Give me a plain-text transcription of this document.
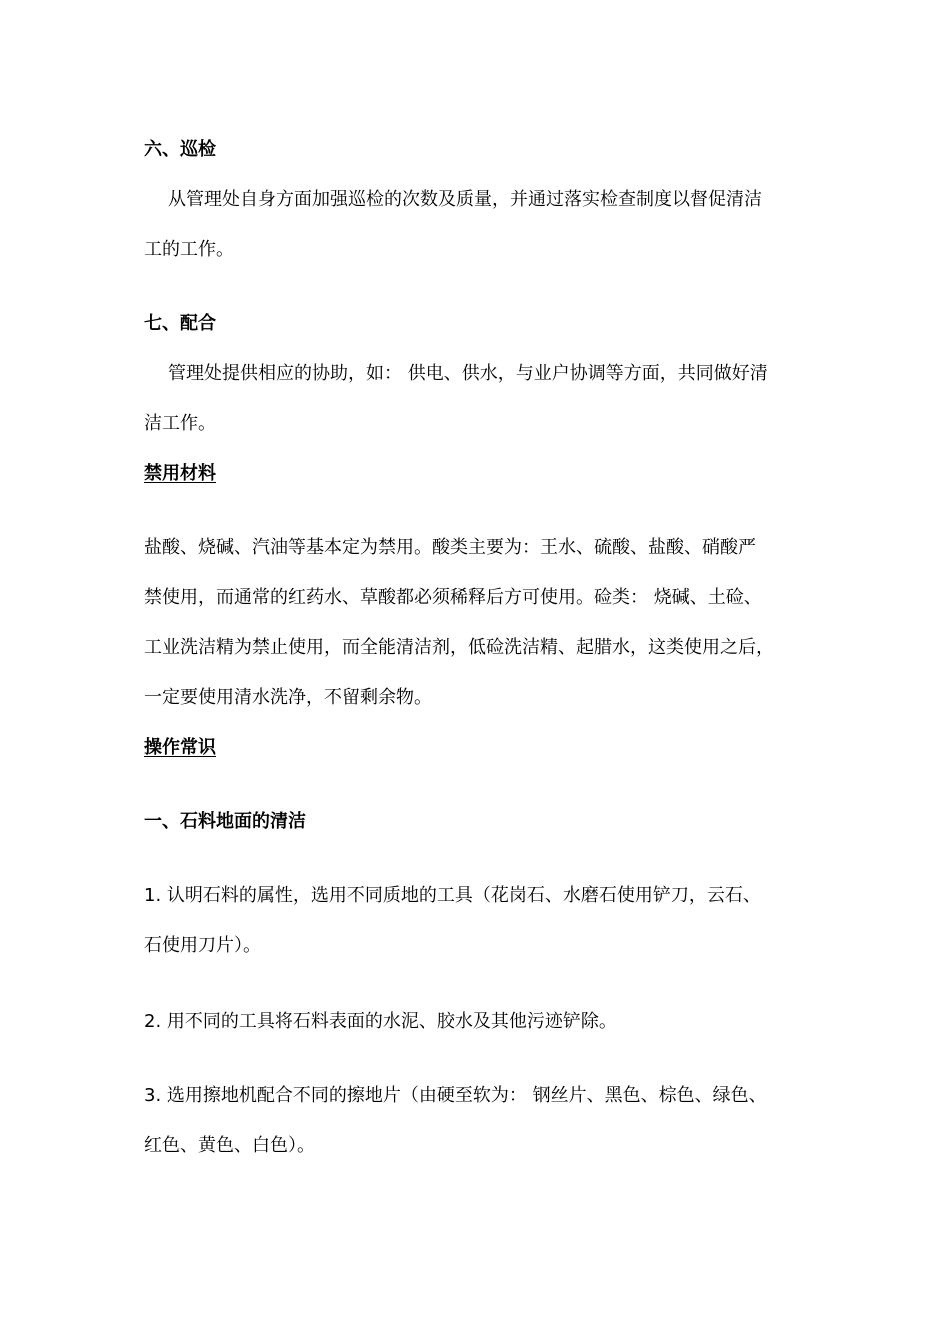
六、巡检
从管理处自身方面加强巡检的次数及质量，并通过落实检查制度以督促清洁
工的工作。
七、配合
管理处提供相应的协助，如： 供电、供水，与业户协调等方面，共同做好清
洁工作。
禁用材料
盐酸、烧碱、汽油等基本定为禁用。酸类主要为：王水、硫酸、盐酸、硝酸严
禁使用，而通常的红药水、草酸都必须稀释后方可使用。硷类： 烧碱、土硷、
工业洗洁精为禁止使用，而全能清洁剂，低硷洗洁精、起腊水，这类使用之后，
一定要使用清水洗净，不留剩余物。
操作常识
一、石料地面的清洁
1. 认明石料的属性，选用不同质地的工具（花岗石、水磨石使用铲刀，云石、
石使用刀片）。
2. 用不同的工具将石料表面的水泥、胶水及其他污迹铲除。
3. 选用擦地机配合不同的擦地片（由硬至软为： 钢丝片、黑色、棕色、绿色、
红色、黄色、白色）。
